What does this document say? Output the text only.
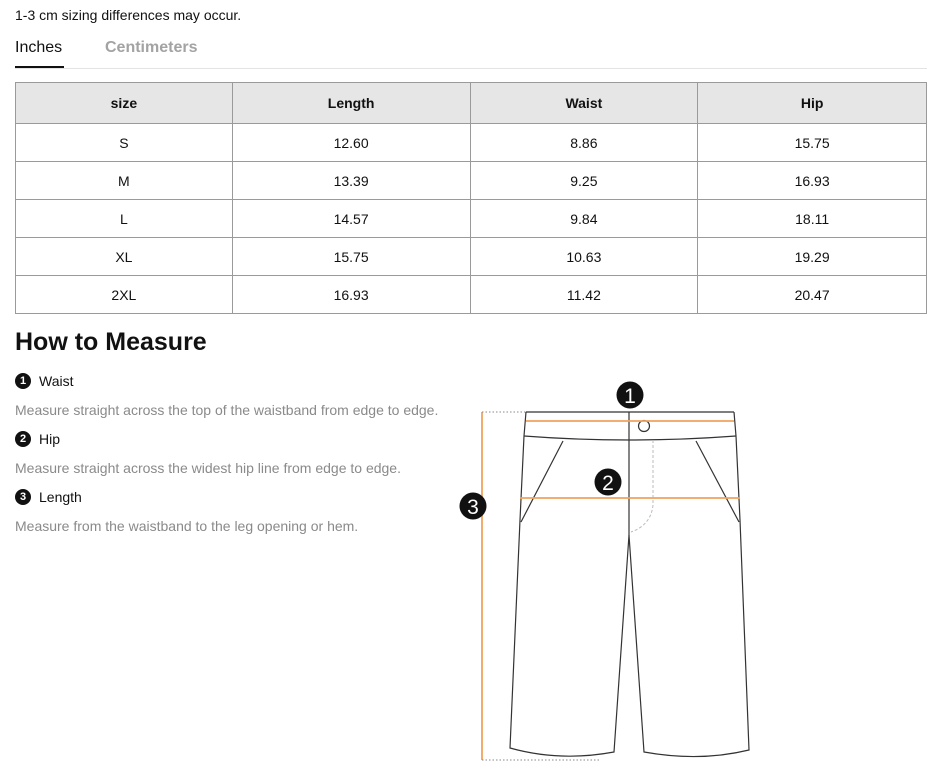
1-3 cm sizing differences may occur.
Inches	Centimeters
size	Length	Waist	Hip
S	12.60	8.86	15.75
M	13.39	9.25	16.93
L	14.57	9.84	18.11
XL	15.75	10.63	19.29
2XL	16.93	11.42	20.47
How to Measure
1 Waist
Measure straight across the top of the waistband from edge to edge.
2 Hip
Measure straight across the widest hip line from edge to edge.
3 Length
Measure from the waistband to the leg opening or hem.
1
2
3
